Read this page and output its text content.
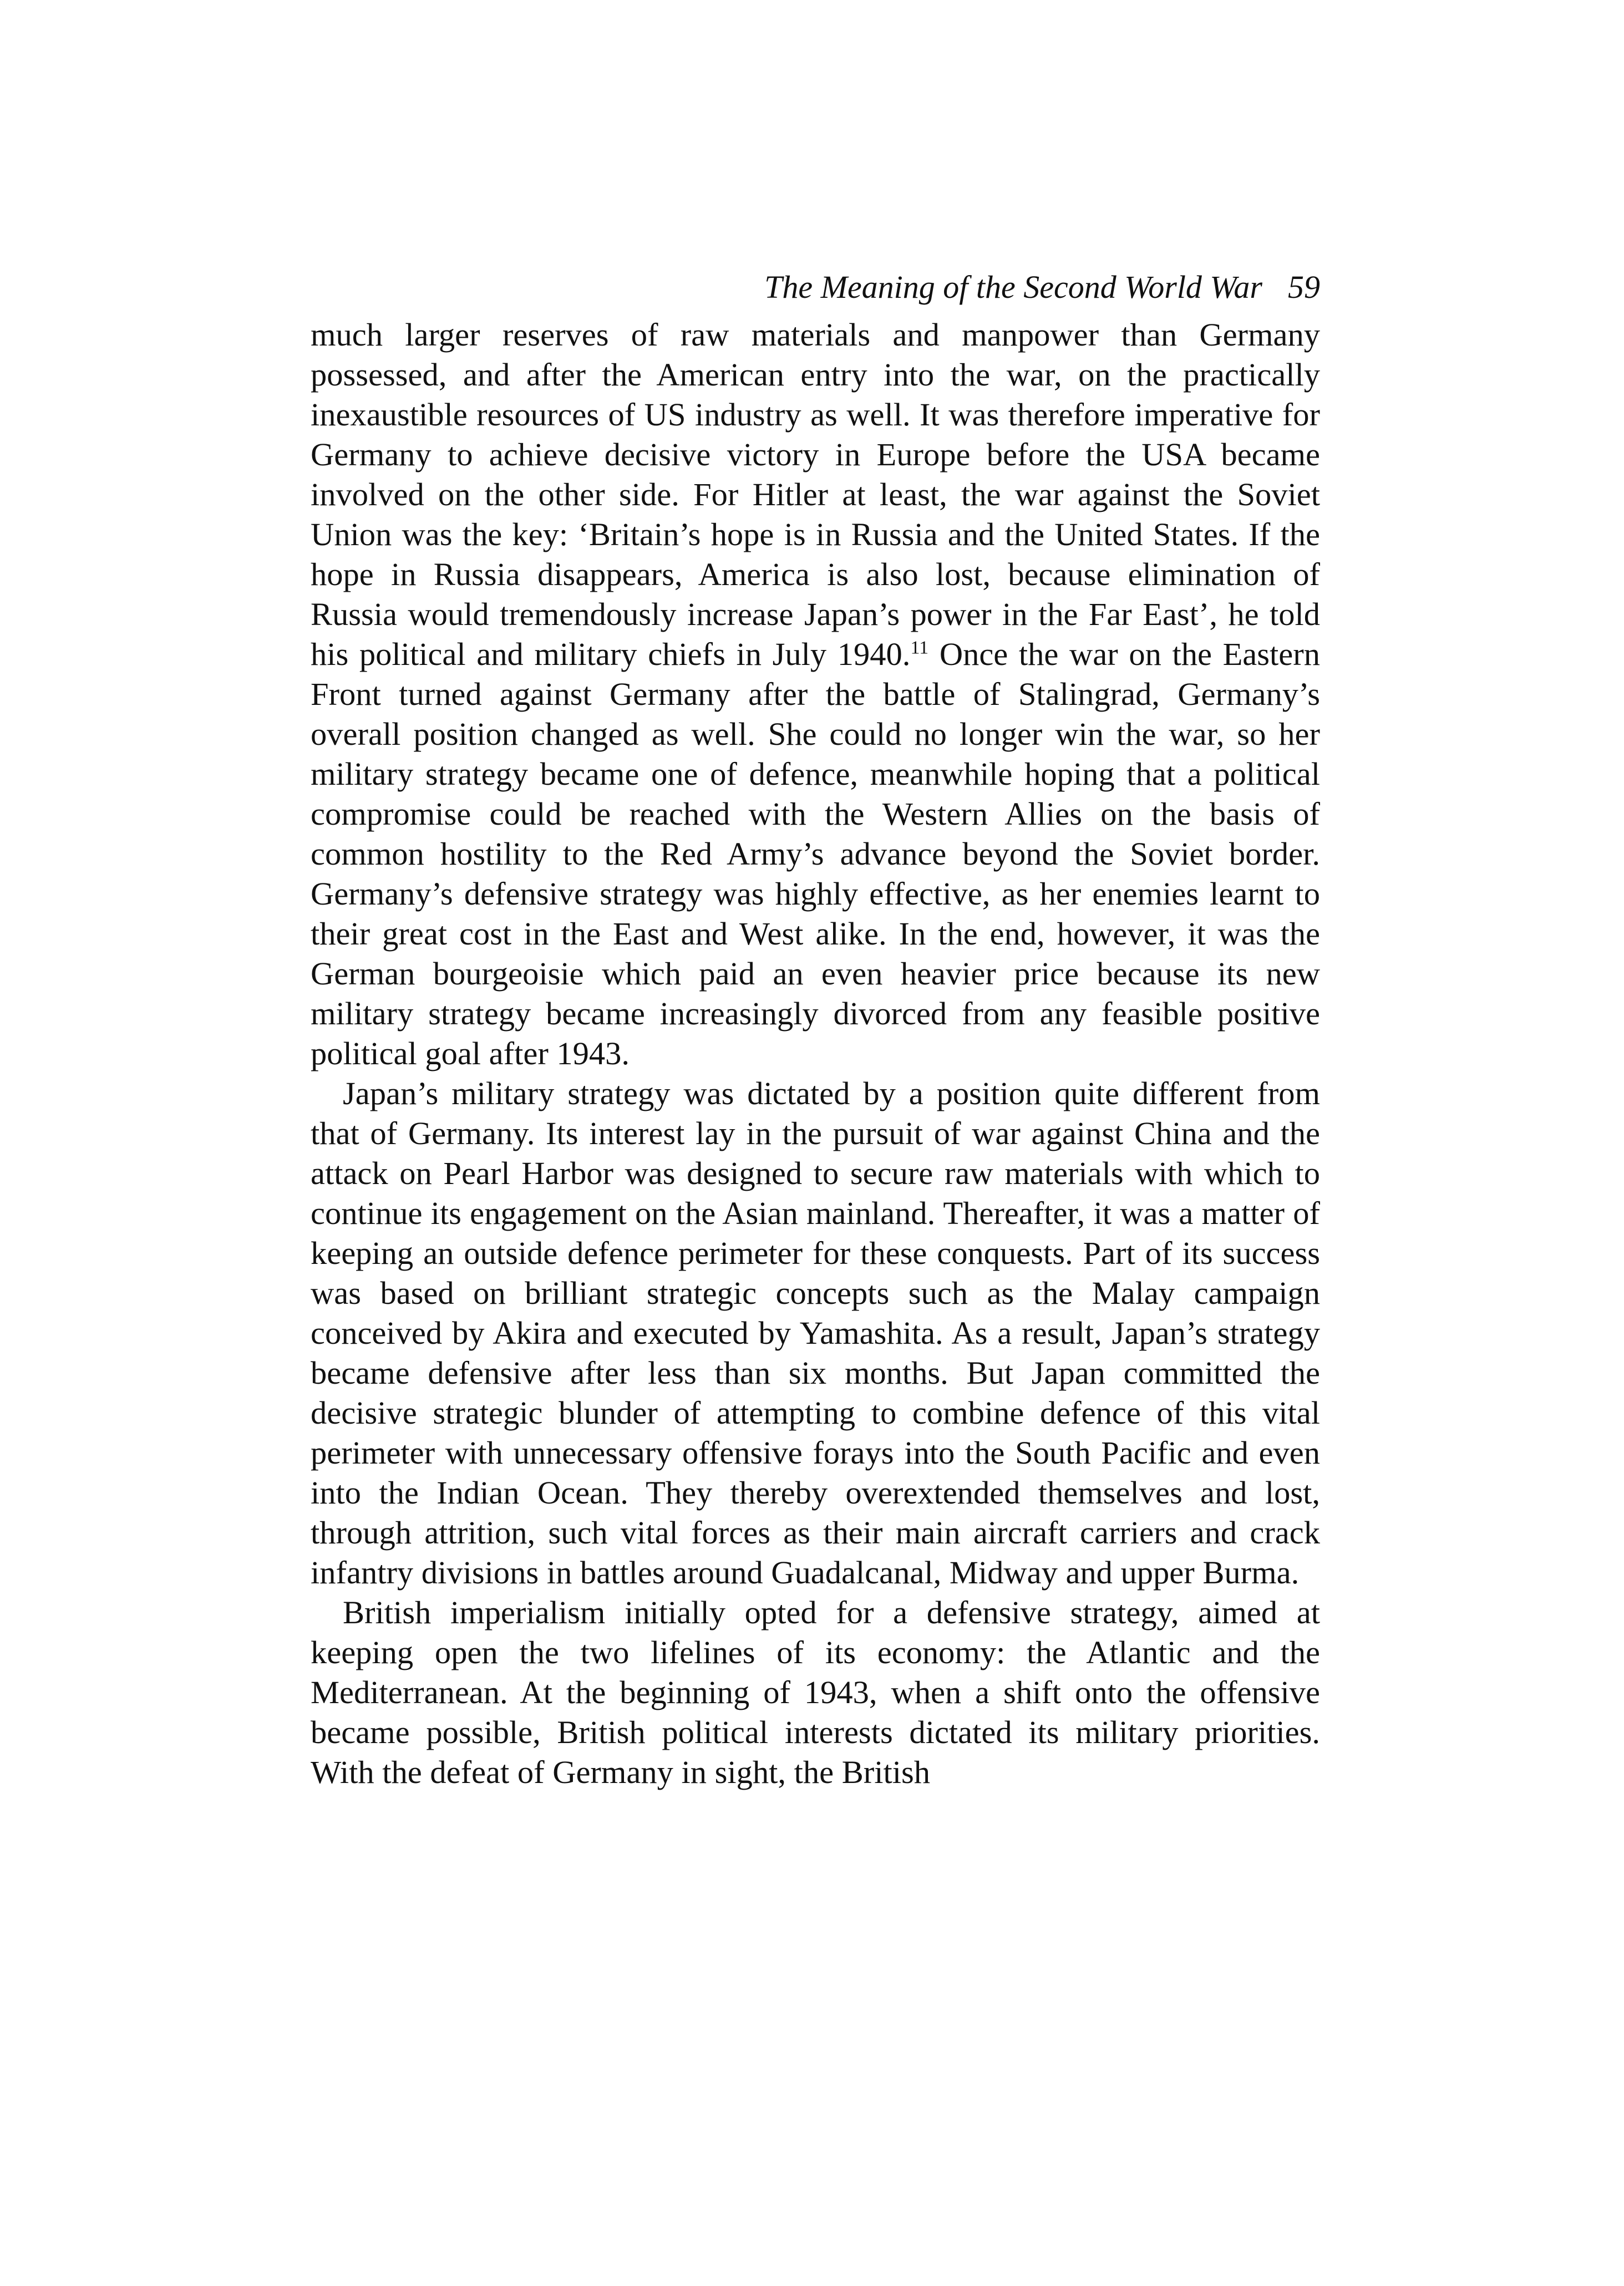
The Meaning of the Second World War 59

much larger reserves of raw materials and manpower than Germany possessed, and after the American entry into the war, on the practically inexaustible resources of US industry as well. It was therefore imperative for Germany to achieve decisive victory in Europe before the USA became involved on the other side. For Hitler at least, the war against the Soviet Union was the key: ‘Britain’s hope is in Russia and the United States. If the hope in Russia disappears, America is also lost, because elimination of Russia would tremendously increase Japan’s power in the Far East’, he told his political and military chiefs in July 1940.11 Once the war on the Eastern Front turned against Germany after the battle of Stalingrad, Germany’s overall position changed as well. She could no longer win the war, so her military strategy became one of defence, meanwhile hoping that a political compromise could be reached with the Western Allies on the basis of common hostility to the Red Army’s advance beyond the Soviet border. Germany’s defensive strategy was highly effective, as her enemies learnt to their great cost in the East and West alike. In the end, however, it was the German bourgeoisie which paid an even heavier price because its new military strategy became increasingly divorced from any feasible positive political goal after 1943.

Japan’s military strategy was dictated by a position quite different from that of Germany. Its interest lay in the pursuit of war against China and the attack on Pearl Harbor was designed to secure raw materials with which to continue its engagement on the Asian mainland. Thereafter, it was a matter of keeping an outside defence perimeter for these conquests. Part of its success was based on brilliant strategic concepts such as the Malay campaign conceived by Akira and executed by Yamashita. As a result, Japan’s strategy became defensive after less than six months. But Japan committed the decisive strategic blunder of attempting to combine defence of this vital perimeter with unnecessary offensive forays into the South Pacific and even into the Indian Ocean. They thereby overextended themselves and lost, through attrition, such vital forces as their main aircraft carriers and crack infantry divisions in battles around Guadalcanal, Midway and upper Burma.

British imperialism initially opted for a defensive strategy, aimed at keeping open the two lifelines of its economy: the Atlantic and the Mediterranean. At the beginning of 1943, when a shift onto the offensive became possible, British political interests dictated its military priorities. With the defeat of Germany in sight, the British
